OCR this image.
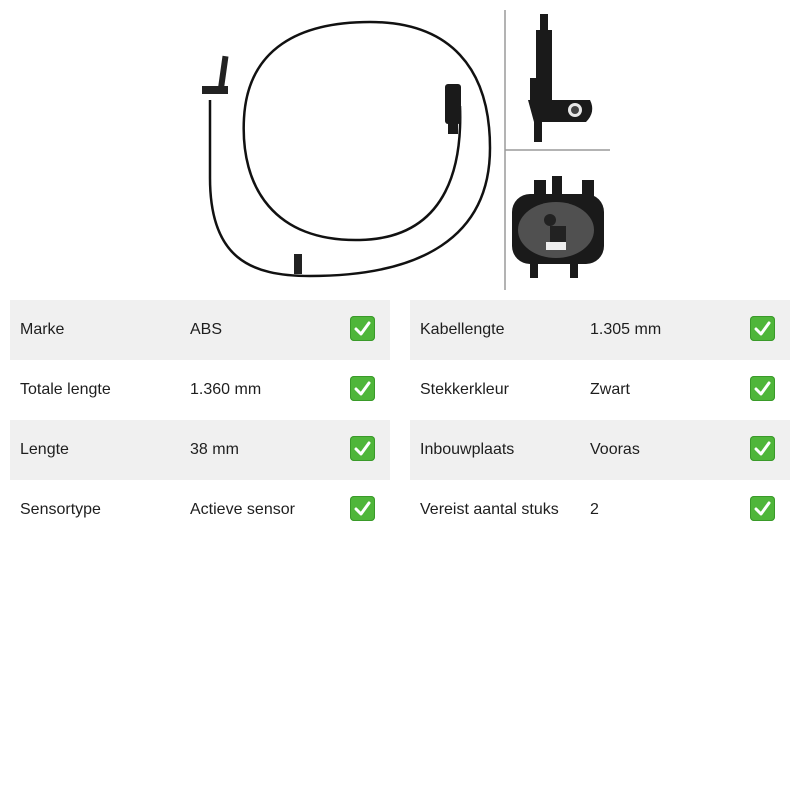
Marke	ABS
Totale lengte	1.360 mm
Lengte	38 mm
Sensortype	Actieve sensor
Kabellengte	1.305 mm
Stekkerkleur	Zwart
Inbouwplaats	Vooras
Vereist aantal stuks 2
